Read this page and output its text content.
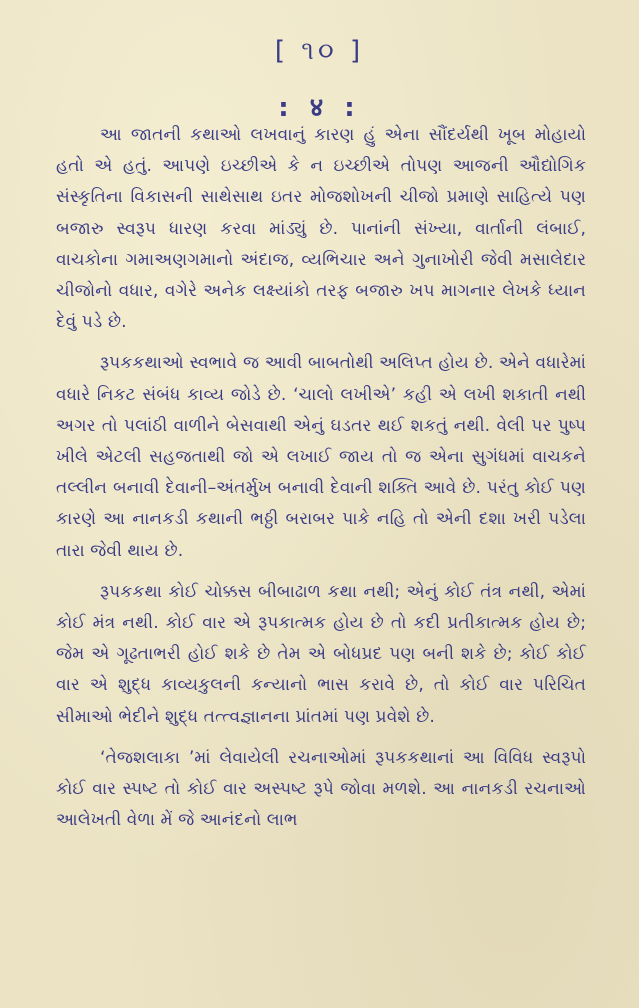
[ ૧૦ ]
: ४ :

આ જાતની કથાઓ લખવાનું કારણ હું એના સૌંદર્યથી ખૂબ મોહાયો હતો એ હતું. આપણે ઇચ્છીએ કે ન ઇચ્છીએ તોપણ આજની ઔદ્યોગિક સંસ્કૃતિના વિકાસની સાથેસાથ ઇતર મોજશોખની ચીજો પ્રમાણે સાહિત્યે પણ બજારુ સ્વરૂપ ધારણ કરવા માંડ્યું છે. પાનાંની સંખ્યા, વાર્તાની લંબાઈ, વાચકોના ગમાઅણગમાનો અંદાજ, વ્યભિચાર અને ગુનાખોરી જેવી મસાલેદાર ચીજોનો વધાર, વગેરે અનેક લક્ષ્યાંકો તરફ બજારુ ખપ માગનાર લેખકે ધ્યાન દેવું પડે છે.

રૂપકકથાઓ સ્વભાવે જ આવી બાબતોથી અલિપ્ત હોય છે. એને વધારેમાં વધારે નિકટ સંબંધ કાવ્ય જોડે છે. ‘ચાલો લખીએ’ કહી એ લખી શકાતી નથી અગર તો પલાંઠી વાળીને બેસવાથી એનું ઘડતર થઈ શકતું નથી. વેલી પર પુષ્પ ખીલે એટલી સહજતાથી જો એ લખાઈ જાય તો જ એના સુગંધમાં વાચકને તલ્લીન બનાવી દેવાની–અંતર્મુખ બનાવી દેવાની શક્તિ આવે છે. પરંતુ કોઈ પણ કારણે આ નાનકડી કથાની ભઠ્ઠી બરાબર પાકે નહિ તો એની દશા ખરી પડેલા તારા જેવી થાય છે.

રૂપકકથા કોઈ ચોક્કસ બીબાઢાળ કથા નથી; એનું કોઈ તંત્ર નથી, એમાં કોઈ મંત્ર નથી. કોઈ વાર એ રૂપકાત્મક હોય છે તો કદી પ્રતીકાત્મક હોય છે; જેમ એ ગૂઢતાભરી હોઈ શકે છે તેમ એ બોધપ્રદ પણ બની શકે છે; કોઈ કોઈ વાર એ શુદ્ધ કાવ્યકુલની કન્યાનો ભાસ કરાવે છે, તો કોઈ વાર પરિચિત સીમાઓ ભેદીને શુદ્ધ તત્ત્વજ્ઞાનના પ્રાંતમાં પણ પ્રવેશે છે.

‘તેજશલાકા ’માં લેવાયેલી રચનાઓમાં રૂપકકથાનાં આ વિવિધ સ્વરૂપો કોઈ વાર સ્પષ્ટ તો કોઈ વાર અસ્પષ્ટ રૂપે જોવા મળશે. આ નાનકડી રચનાઓ આલેખતી વેળા મેં જે આનંદનો લાભ
